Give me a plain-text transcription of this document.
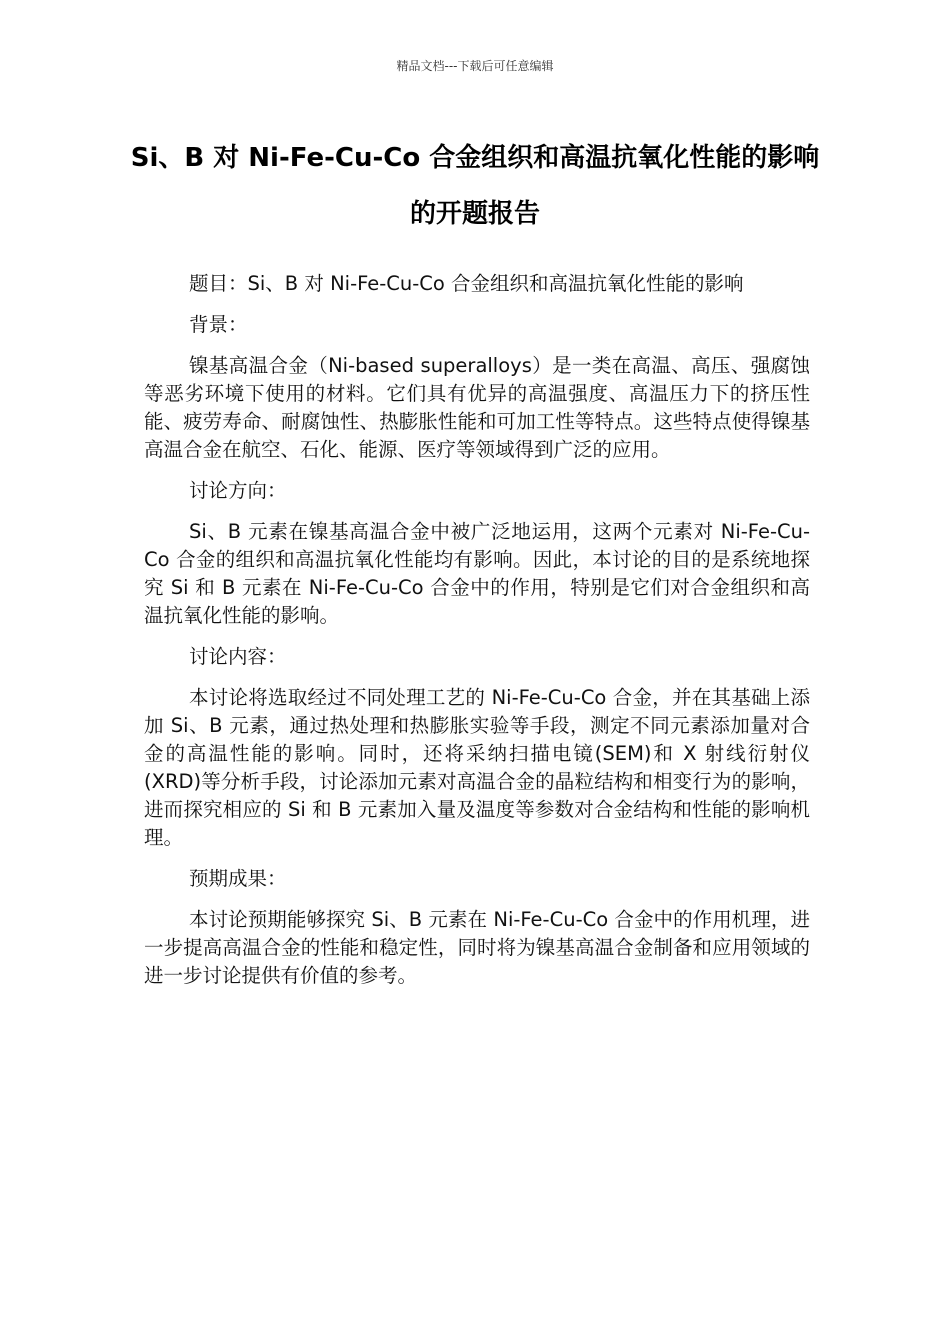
精品文档---下载后可任意编辑
Si、B 对 Ni-Fe-Cu-Co 合金组织和高温抗氧化性能的影响的开题报告

题目：Si、B 对 Ni-Fe-Cu-Co 合金组织和高温抗氧化性能的影响

背景：

镍基高温合金（Ni-based superalloys）是一类在高温、高压、强腐蚀等恶劣环境下使用的材料。它们具有优异的高温强度、高温压力下的挤压性能、疲劳寿命、耐腐蚀性、热膨胀性能和可加工性等特点。这些特点使得镍基高温合金在航空、石化、能源、医疗等领域得到广泛的应用。

讨论方向：

Si、B 元素在镍基高温合金中被广泛地运用，这两个元素对 Ni-Fe-Cu-Co 合金的组织和高温抗氧化性能均有影响。因此，本讨论的目的是系统地探究 Si 和 B 元素在 Ni-Fe-Cu-Co 合金中的作用，特别是它们对合金组织和高温抗氧化性能的影响。

讨论内容：

本讨论将选取经过不同处理工艺的 Ni-Fe-Cu-Co 合金，并在其基础上添加 Si、B 元素，通过热处理和热膨胀实验等手段，测定不同元素添加量对合金的高温性能的影响。同时，还将采纳扫描电镜(SEM)和 X 射线衍射仪(XRD)等分析手段，讨论添加元素对高温合金的晶粒结构和相变行为的影响，进而探究相应的 Si 和 B 元素加入量及温度等参数对合金结构和性能的影响机理。

预期成果：

本讨论预期能够探究 Si、B 元素在 Ni-Fe-Cu-Co 合金中的作用机理，进一步提高高温合金的性能和稳定性，同时将为镍基高温合金制备和应用领域的进一步讨论提供有价值的参考。
